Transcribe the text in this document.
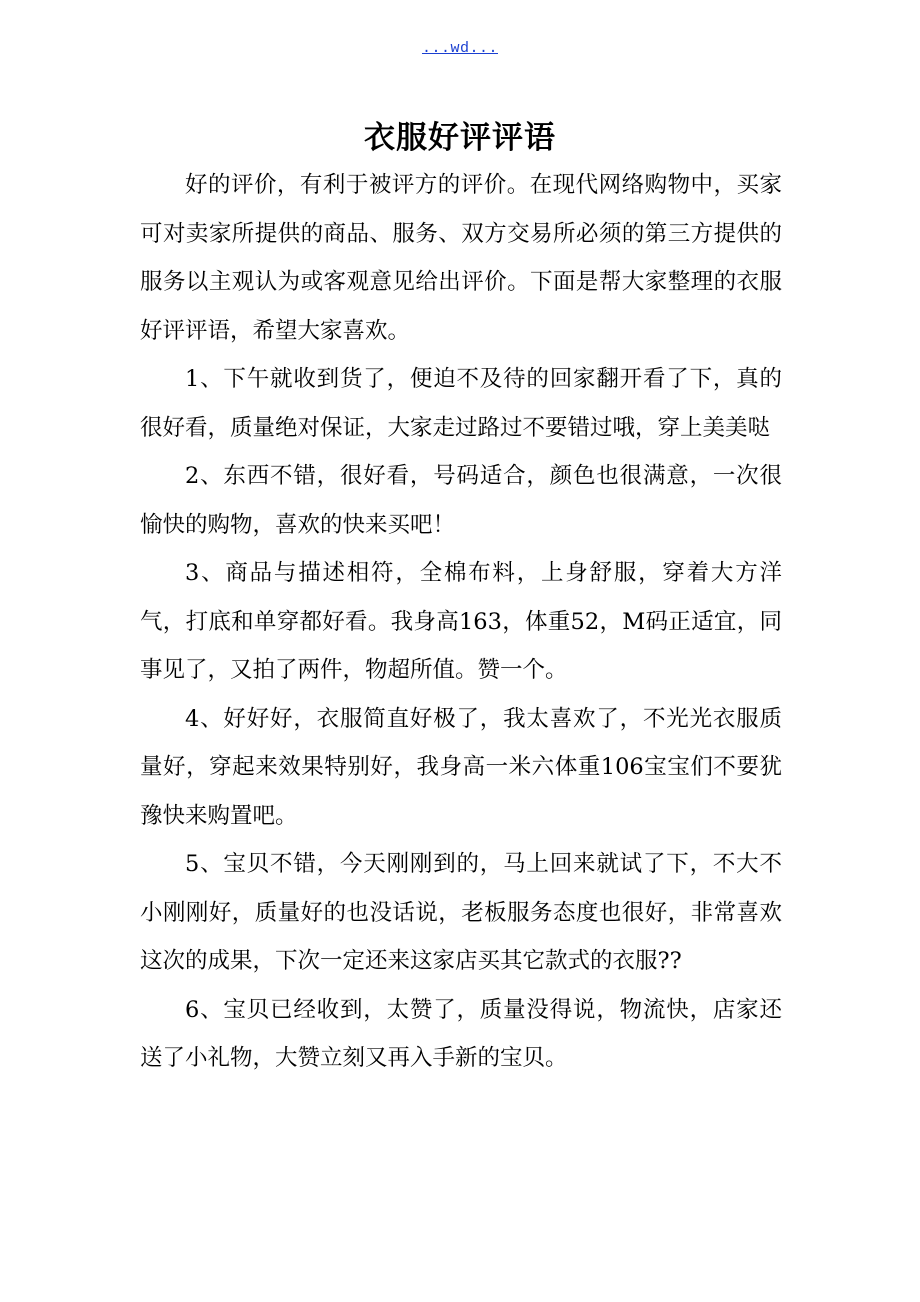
...wd...
衣服好评评语

好的评价，有利于被评方的评价。在现代网络购物中，买家可对卖家所提供的商品、服务、双方交易所必须的第三方提供的服务以主观认为或客观意见给出评价。下面是帮大家整理的衣服好评评语，希望大家喜欢。

1、下午就收到货了，便迫不及待的回家翻开看了下，真的很好看，质量绝对保证，大家走过路过不要错过哦，穿上美美哒

2、东西不错，很好看，号码适合，颜色也很满意，一次很愉快的购物，喜欢的快来买吧！

3、商品与描述相符，全棉布料，上身舒服，穿着大方洋气，打底和单穿都好看。我身高163，体重52，M码正适宜，同事见了，又拍了两件，物超所值。赞一个。

4、好好好，衣服简直好极了，我太喜欢了，不光光衣服质量好，穿起来效果特别好，我身高一米六体重106宝宝们不要犹豫快来购置吧。

5、宝贝不错，今天刚刚到的，马上回来就试了下，不大不小刚刚好，质量好的也没话说，老板服务态度也很好，非常喜欢这次的成果，下次一定还来这家店买其它款式的衣服??

6、宝贝已经收到，太赞了，质量没得说，物流快，店家还送了小礼物，大赞立刻又再入手新的宝贝。
